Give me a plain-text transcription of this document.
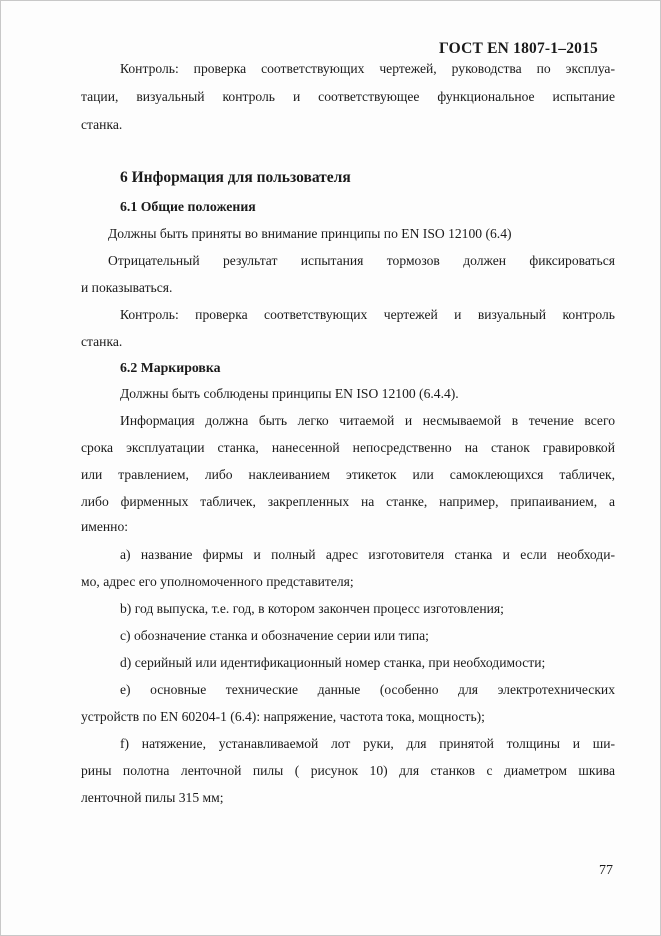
ГОСТ EN 1807-1–2015
Контроль: проверка соответствующих чертежей, руководства по эксплуа-
тации, визуальный контроль и соответствующее функциональное испытание
станка.
6 Информация для пользователя
6.1 Общие положения
Должны быть приняты во внимание принципы по EN ISO 12100 (6.4)
Отрицательный результат испытания тормозов должен фиксироваться
и показываться.
Контроль: проверка соответствующих чертежей и визуальный контроль
станка.
6.2 Маркировка
Должны быть соблюдены принципы EN ISO 12100 (6.4.4).
Информация должна быть легко читаемой и несмываемой в течение всего
срока эксплуатации станка, нанесенной непосредственно на станок гравировкой
или травлением, либо наклеиванием этикеток или самоклеющихся табличек,
либо фирменных табличек, закрепленных на станке, например, припаиванием, а
именно:
a) название фирмы и полный адрес изготовителя станка и если необходи-
мо, адрес его уполномоченного представителя;
b) год выпуска, т.е. год, в котором закончен процесс изготовления;
c) обозначение станка и обозначение серии или типа;
d) серийный или идентификационный номер станка, при необходимости;
e) основные технические данные (особенно для электротехнических
устройств по EN 60204-1 (6.4): напряжение, частота тока, мощность);
f) натяжение, устанавливаемой лот руки, для принятой толщины и ши-
рины полотна ленточной пилы ( рисунок 10) для станков с диаметром шкива
ленточной пилы 315 мм;
77
